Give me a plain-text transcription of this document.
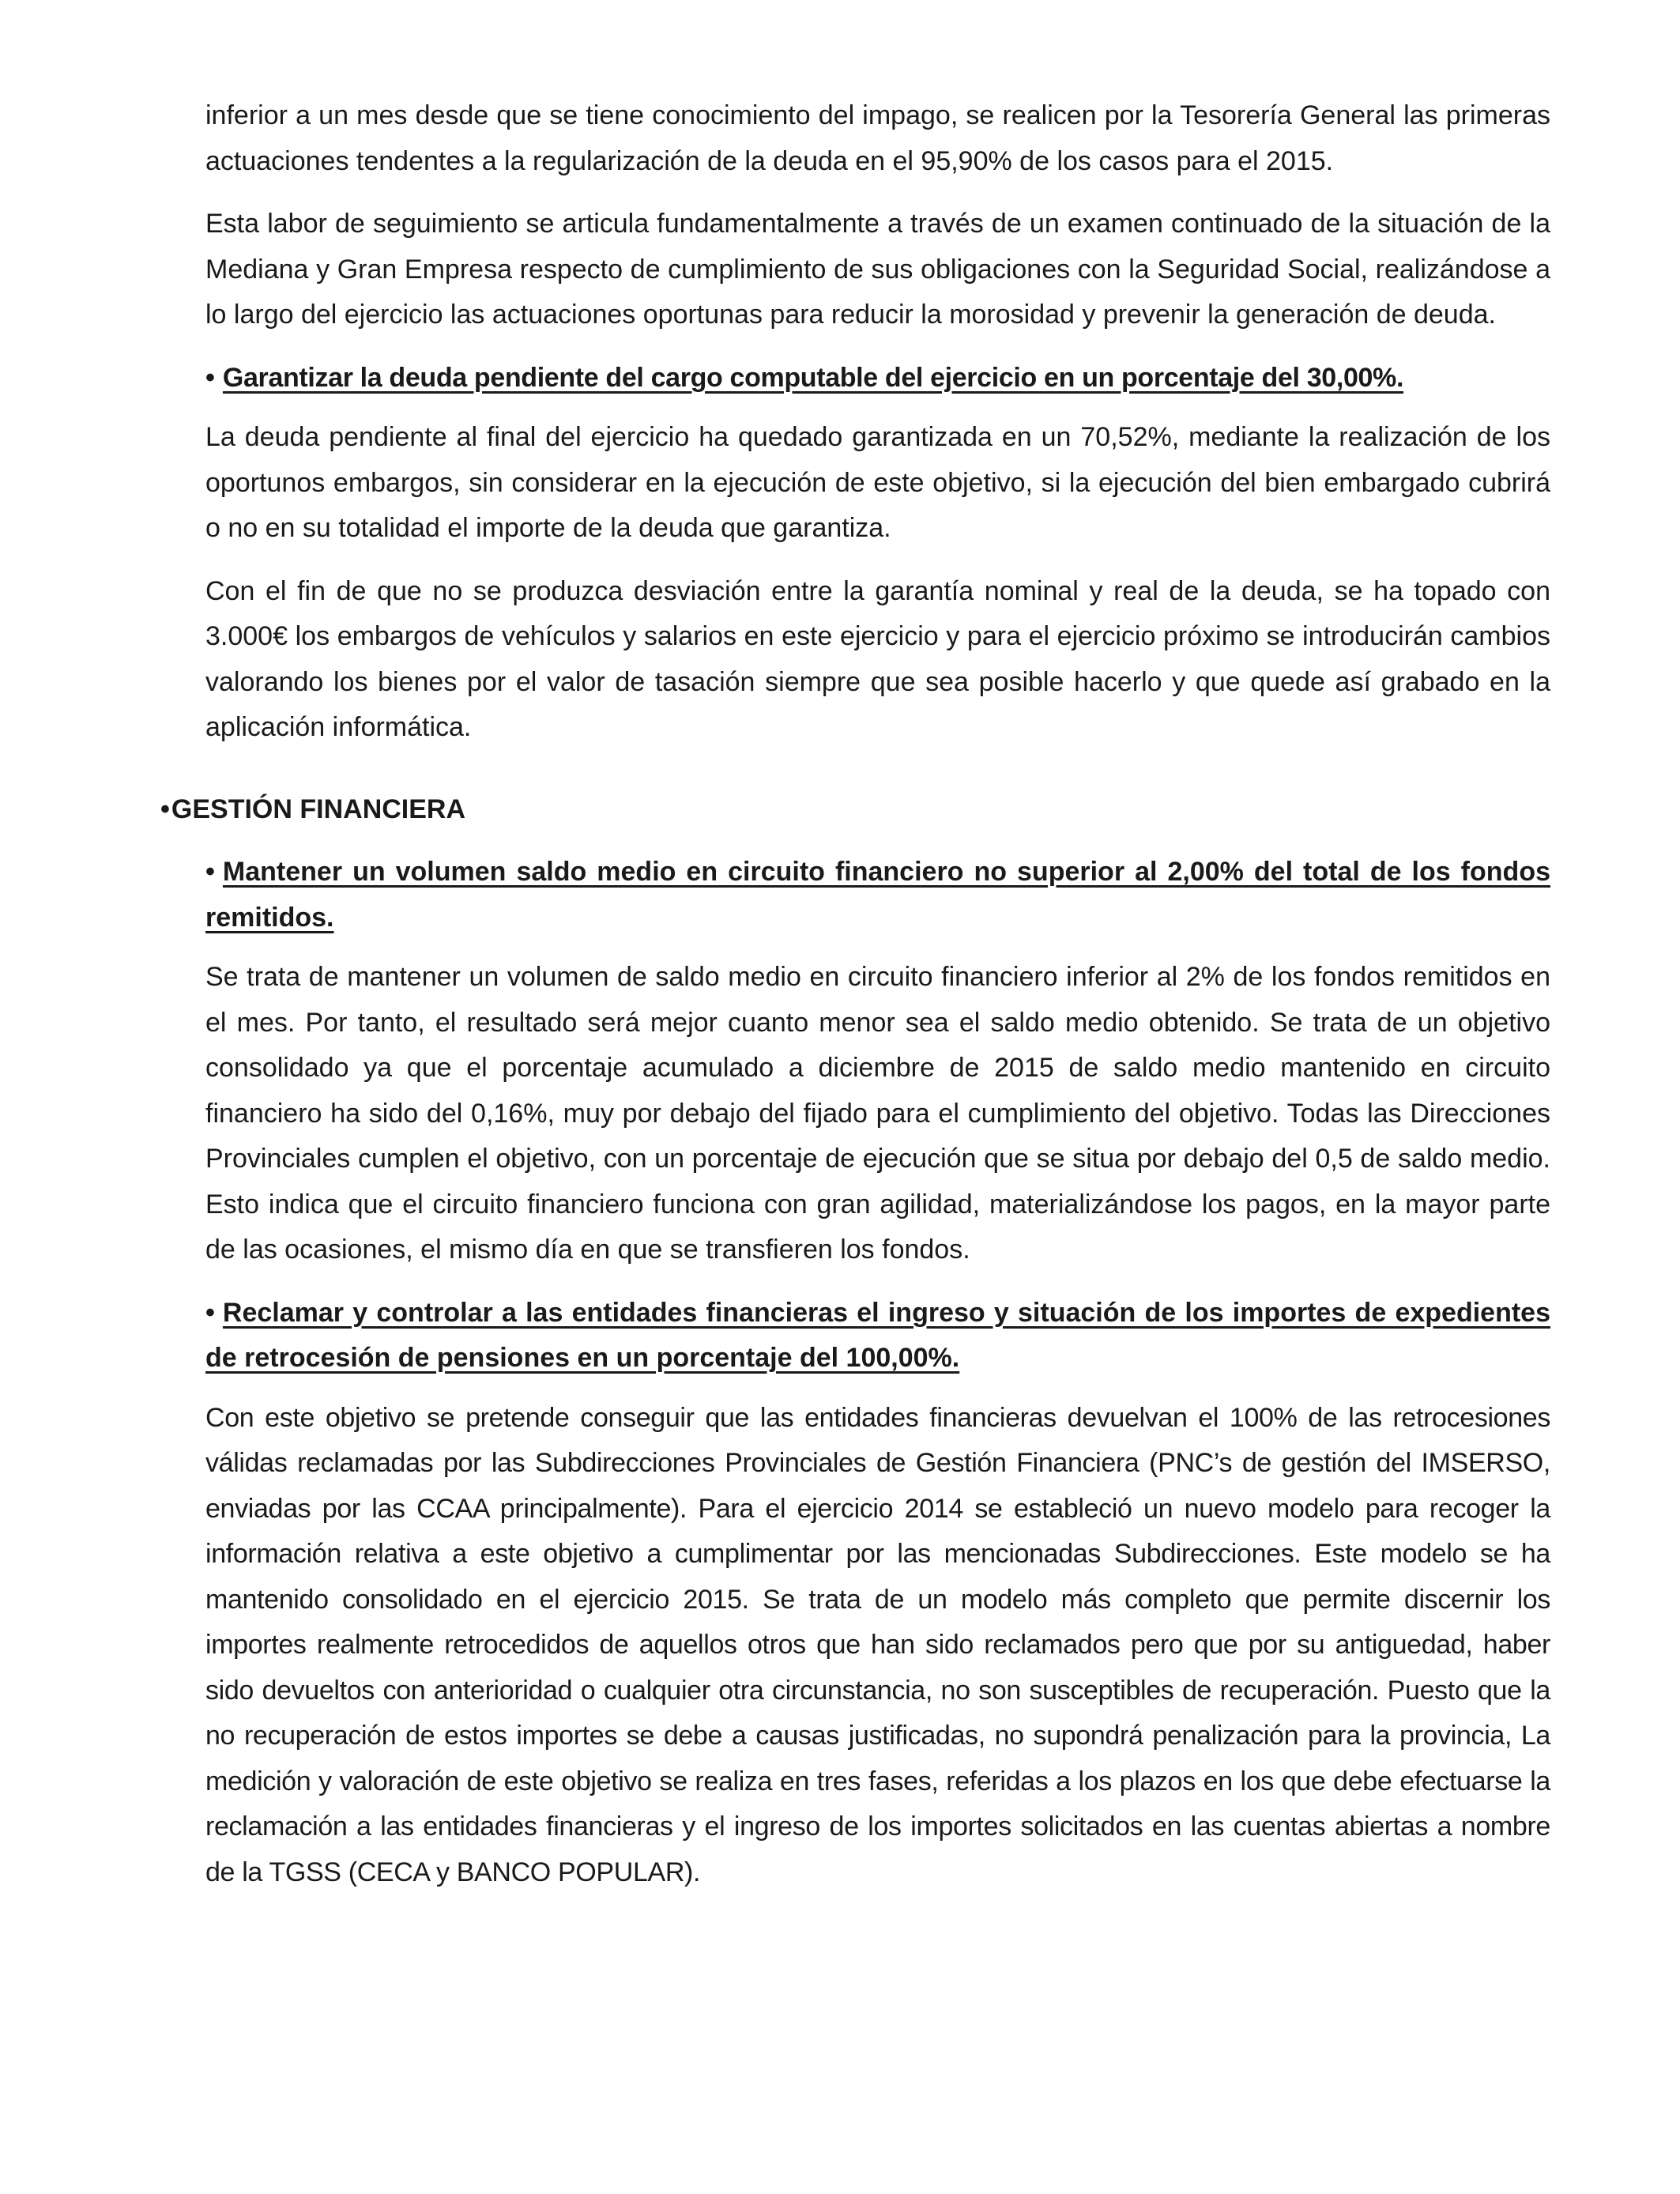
inferior a un mes desde que se tiene conocimiento del impago, se realicen por la Tesorería General las primeras actuaciones tendentes a la regularización de la deuda en el 95,90% de los casos para el 2015.

Esta labor de seguimiento se articula fundamentalmente a través de un examen continuado de la situación de la Mediana y Gran Empresa respecto de cumplimiento de sus obligaciones con la Seguridad Social, realizándose a lo largo del ejercicio las actuaciones oportunas para reducir la morosidad y prevenir la generación de deuda.

• Garantizar la deuda pendiente del cargo computable del ejercicio en un porcentaje del 30,00%.

La deuda pendiente al final del ejercicio ha quedado garantizada en un 70,52%, mediante la realización de los oportunos embargos, sin considerar en la ejecución de este objetivo, si la ejecución del bien embargado cubrirá o no en su totalidad el importe de la deuda que garantiza.

Con el fin de que no se produzca desviación entre la garantía nominal y real de la deuda, se ha topado con 3.000€ los embargos de vehículos y salarios en este ejercicio y para el ejercicio próximo se introducirán cambios valorando los bienes por el valor de tasación siempre que sea posible hacerlo y que quede así grabado en la aplicación informática.

•GESTIÓN FINANCIERA
• Mantener un volumen saldo medio en circuito financiero no superior al 2,00% del total de los fondos remitidos.

Se trata de mantener un volumen de saldo medio en circuito financiero inferior al 2% de los fondos remitidos en el mes. Por tanto, el resultado será mejor cuanto menor sea el saldo medio obtenido. Se trata de un objetivo consolidado ya que el porcentaje acumulado a diciembre de 2015 de saldo medio mantenido en circuito financiero ha sido del 0,16%, muy por debajo del fijado para el cumplimiento del objetivo. Todas las Direcciones Provinciales cumplen el objetivo, con un porcentaje de ejecución que se situa por debajo del 0,5 de saldo medio. Esto indica que el circuito financiero funciona con gran agilidad, materializándose los pagos, en la mayor parte de las ocasiones, el mismo día en que se transfieren los fondos.

• Reclamar y controlar a las entidades financieras el ingreso y situación de los importes de expedientes de retrocesión de pensiones en un porcentaje del 100,00%.

Con este objetivo se pretende conseguir que las entidades financieras devuelvan el 100% de las retrocesiones válidas reclamadas por las Subdirecciones Provinciales de Gestión Financiera (PNC’s de gestión del IMSERSO, enviadas por las CCAA principalmente). Para el ejercicio 2014 se estableció un nuevo modelo para recoger la información relativa a este objetivo a cumplimentar por las mencionadas Subdirecciones. Este modelo se ha mantenido consolidado en el ejercicio 2015. Se trata de un modelo más completo que permite discernir los importes realmente retrocedidos de aquellos otros que han sido reclamados pero que por su antiguedad, haber sido devueltos con anterioridad o cualquier otra circunstancia, no son susceptibles de recuperación. Puesto que la no recuperación de estos importes se debe a causas justificadas, no supondrá penalización para la provincia, La medición y valoración de este objetivo se realiza en tres fases, referidas a los plazos en los que debe efectuarse la reclamación a las entidades financieras y el ingreso de los importes solicitados en las cuentas abiertas a nombre de la TGSS (CECA y BANCO POPULAR).
